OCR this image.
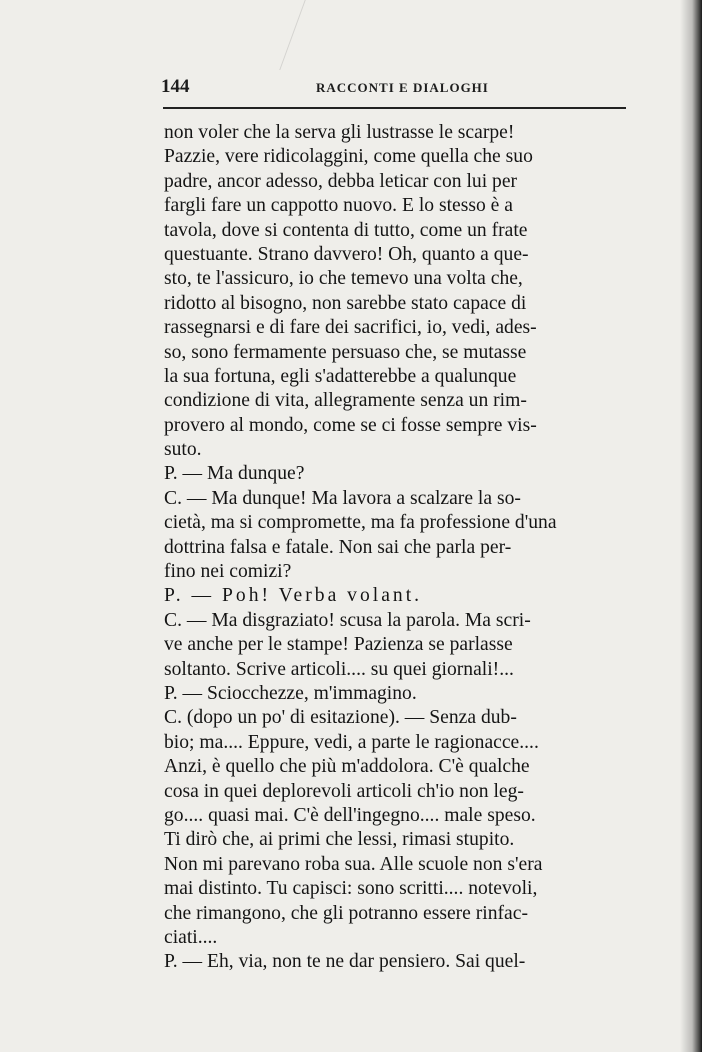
144	RACCONTI E DIALOGHI
non voler che la serva gli lustrasse le scarpe!
Pazzie, vere ridicolaggini, come quella che suo
padre, ancor adesso, debba leticar con lui per
fargli fare un cappotto nuovo. E lo stesso è a
tavola, dove si contenta di tutto, come un frate
questuante. Strano davvero! Oh, quanto a que-
sto, te l'assicuro, io che temevo una volta che,
ridotto al bisogno, non sarebbe stato capace di
rassegnarsi e di fare dei sacrifici, io, vedi, ades-
so, sono fermamente persuaso che, se mutasse
la sua fortuna, egli s'adatterebbe a qualunque
condizione di vita, allegramente senza un rim-
provero al mondo, come se ci fosse sempre vis-
suto.
P. — Ma dunque?
C. — Ma dunque! Ma lavora a scalzare la so-
cietà, ma si compromette, ma fa professione d'una
dottrina falsa e fatale. Non sai che parla per-
fino nei comizi?
P. — Poh! Verba volant.
C. — Ma disgraziato! scusa la parola. Ma scri-
ve anche per le stampe! Pazienza se parlasse
soltanto. Scrive articoli.... su quei giornali!...
P. — Sciocchezze, m'immagino.
C. (dopo un po' di esitazione). — Senza dub-
bio; ma.... Eppure, vedi, a parte le ragionacce....
Anzi, è quello che più m'addolora. C'è qualche
cosa in quei deplorevoli articoli ch'io non leg-
go.... quasi mai. C'è dell'ingegno.... male speso.
Ti dirò che, ai primi che lessi, rimasi stupito.
Non mi parevano roba sua. Alle scuole non s'era
mai distinto. Tu capisci: sono scritti.... notevoli,
che rimangono, che gli potranno essere rinfac-
ciati....
P. — Eh, via, non te ne dar pensiero. Sai quel-
